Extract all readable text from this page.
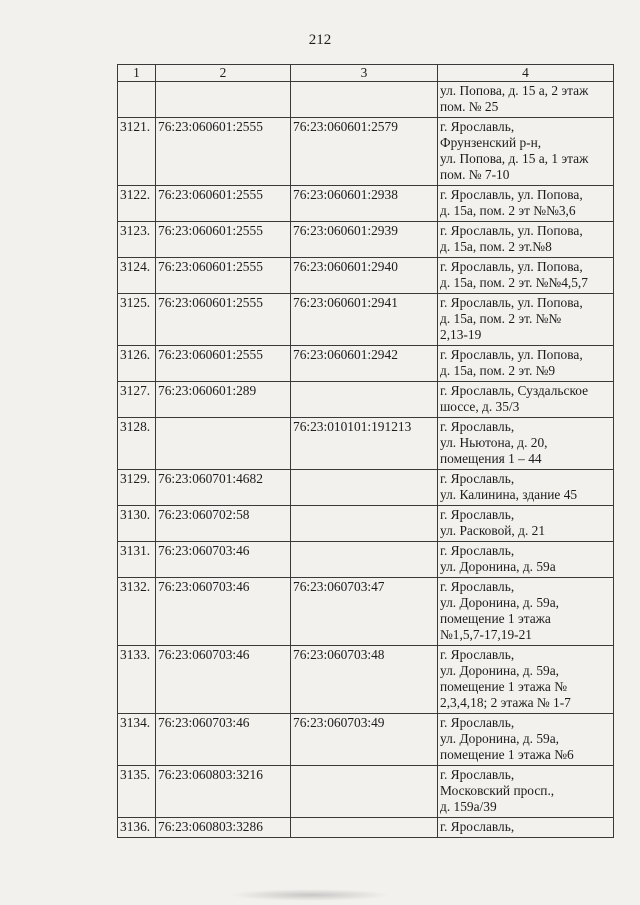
212
1	2	3	4

			ул. Попова, д. 15 а, 2 этаж
пом. № 25

3121.	76:23:060601:2555	76:23:060601:2579	г. Ярославль,
Фрунзенский р-н,
ул. Попова, д. 15 а, 1 этаж
пом. № 7-10

3122.	76:23:060601:2555	76:23:060601:2938	г. Ярославль, ул. Попова,
д. 15а, пом. 2 эт №№3,6

3123.	76:23:060601:2555	76:23:060601:2939	г. Ярославль, ул. Попова,
д. 15а, пом. 2 эт.№8

3124.	76:23:060601:2555	76:23:060601:2940	г. Ярославль, ул. Попова,
д. 15а, пом. 2 эт. №№4,5,7

3125.	76:23:060601:2555	76:23:060601:2941	г. Ярославль, ул. Попова,
д. 15а, пом. 2 эт. №№
2,13-19

3126.	76:23:060601:2555	76:23:060601:2942	г. Ярославль, ул. Попова,
д. 15а, пом. 2 эт. №9

3127.	76:23:060601:289		г. Ярославль, Суздальское
шоссе, д. 35/3

3128.		76:23:010101:191213	г. Ярославль,
ул. Ньютона, д. 20,
помещения 1 – 44

3129.	76:23:060701:4682		г. Ярославль,
ул. Калинина, здание 45

3130.	76:23:060702:58		г. Ярославль,
ул. Расковой, д. 21

3131.	76:23:060703:46		г. Ярославль,
ул. Доронина, д. 59а

3132.	76:23:060703:46	76:23:060703:47	г. Ярославль,
ул. Доронина, д. 59а,
помещение 1 этажа
№1,5,7-17,19-21

3133.	76:23:060703:46	76:23:060703:48	г. Ярославль,
ул. Доронина, д. 59а,
помещение 1 этажа №
2,3,4,18; 2 этажа № 1-7

3134.	76:23:060703:46	76:23:060703:49	г. Ярославль,
ул. Доронина, д. 59а,
помещение 1 этажа №6

3135.	76:23:060803:3216		г. Ярославль,
Московский просп.,
д. 159а/39

3136.	76:23:060803:3286		г. Ярославль,
